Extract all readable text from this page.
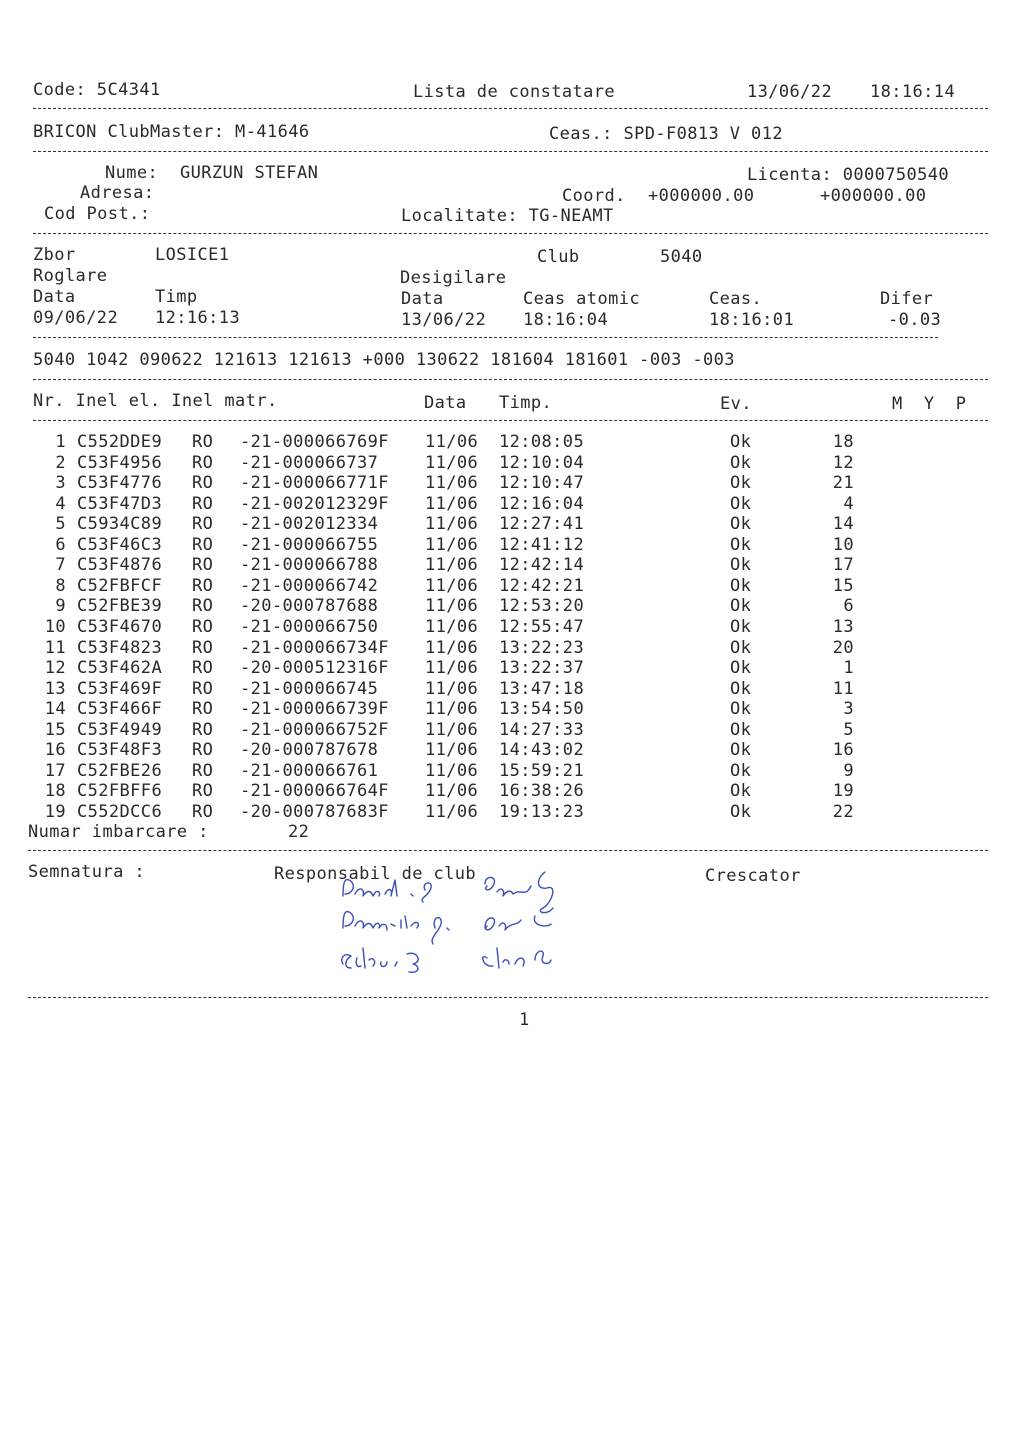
Code: 5C4341	Lista de constatare	13/06/22 18:16:14
BRICON ClubMaster: M-41646	Ceas.: SPD-F0813 V 012
Nume: GURZUN STEFAN	Licenta: 0000750540
Adresa:	Coord. +000000.00	+000000.00
Cod Post.:	Localitate: TG-NEAMT
Zbor	LOSICE1	Club	5040
Roglare	Desigilare
Data	Timp	Data	Ceas atomic	Ceas.	Difer
09/06/22 12:16:13	13/06/22 18:16:04	18:16:01	-0.03
5040 1042 090622 121613 121613 +000 130622 181604 181601 -003 -003
Nr. Inel el. Inel matr.	Data Timp.	Ev.	M  Y  P
1 C552DDE9 RO -21-000066769F 11/06 12:08:05	Ok	18
2 C53F4956 RO -21-000066737	11/06 12:10:04	Ok	12
3 C53F4776 RO -21-000066771F 11/06 12:10:47	Ok	21
4 C53F47D3 RO -21-002012329F 11/06 12:16:04	Ok	4
5 C5934C89 RO -21-002012334	11/06 12:27:41	Ok	14
6 C53F46C3 RO -21-000066755	11/06 12:41:12	Ok	10
7 C53F4876 RO -21-000066788	11/06 12:42:14	Ok	17
8 C52FBFCF RO -21-000066742	11/06 12:42:21	Ok	15
9 C52FBE39 RO -20-000787688	11/06 12:53:20	Ok	6
10 C53F4670 RO -21-000066750	11/06 12:55:47	Ok	13
11 C53F4823 RO -21-000066734F 11/06 13:22:23	Ok	20
12 C53F462A RO -20-000512316F 11/06 13:22:37	Ok	1
13 C53F469F RO -21-000066745	11/06 13:47:18	Ok	11
14 C53F466F RO -21-000066739F 11/06 13:54:50	Ok	3
15 C53F4949 RO -21-000066752F 11/06 14:27:33	Ok	5
16 C53F48F3 RO -20-000787678	11/06 14:43:02	Ok	16
17 C52FBE26 RO -21-000066761	11/06 15:59:21	Ok	9
18 C52FBFF6 RO -21-000066764F 11/06 16:38:26	Ok	19
19 C552DCC6 RO -20-000787683F 11/06 19:13:23	Ok	22
Numar imbarcare :	22
Semnatura :	Responsabil de club	Crescator
1
